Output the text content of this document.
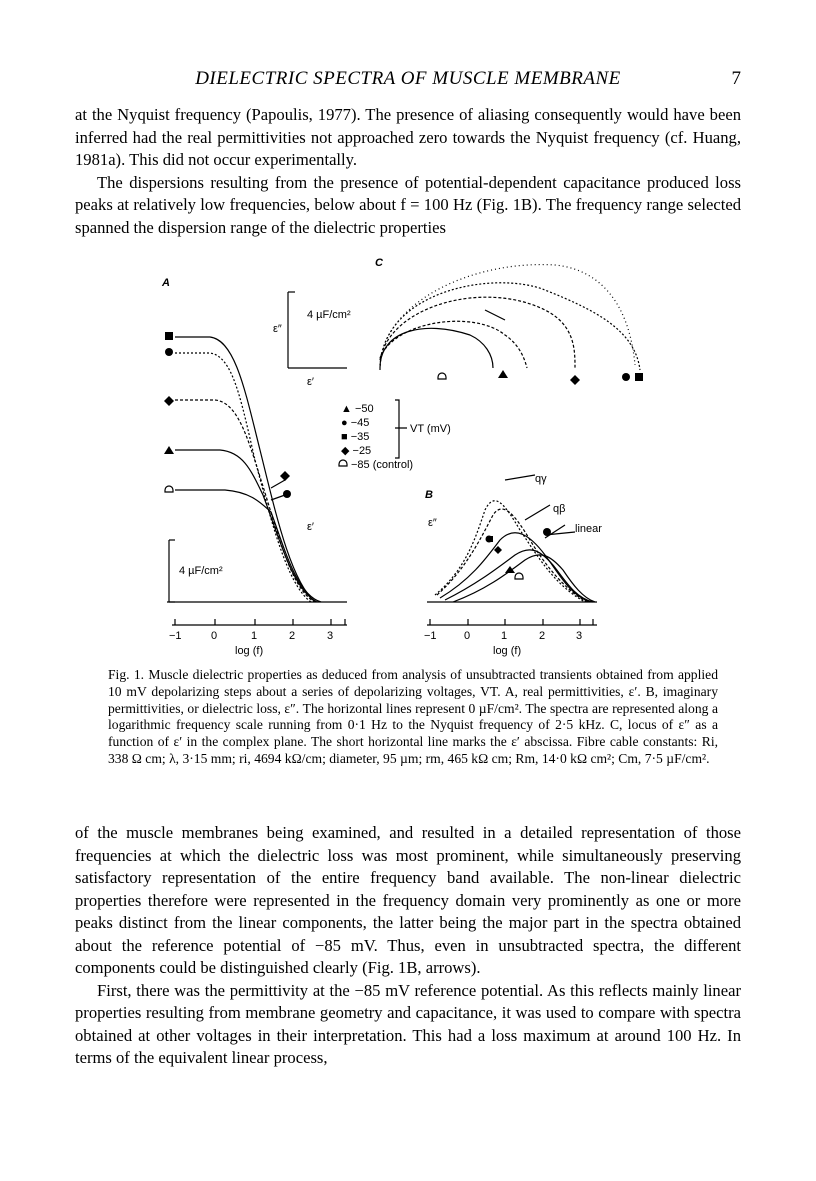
DIELECTRIC SPECTRA OF MUSCLE MEMBRANE	7

at the Nyquist frequency (Papoulis, 1977). The presence of aliasing consequently would have been inferred had the real permittivities not approached zero towards the Nyquist frequency (cf. Huang, 1981a). This did not occur experimentally.

The dispersions resulting from the presence of potential-dependent capacitance produced loss peaks at relatively low frequencies, below about f = 100 Hz (Fig. 1B). The frequency range selected spanned the dispersion range of the dielectric properties

A
C
B
4 µF/cm²
4 µF/cm²
ε′
ε′
ε″
ε″
▲ −50
● −45
■ −35
◆ −25
VT (mV)
−85 (control)
qγ
qβ
linear
−1	0	1	2	3
log (f)
−1 0	1	2	3
log (f)

Fig. 1. Muscle dielectric properties as deduced from analysis of unsubtracted transients obtained from applied 10 mV depolarizing steps about a series of depolarizing voltages, VT. A, real permittivities, ε′. B, imaginary permittivities, or dielectric loss, ε″. The horizontal lines represent 0 µF/cm². The spectra are represented along a logarithmic frequency scale running from 0·1 Hz to the Nyquist frequency of 2·5 kHz. C, locus of ε″ as a function of ε′ in the complex plane. The short horizontal line marks the ε′ abscissa. Fibre cable constants: Ri, 338 Ω cm; λ, 3·15 mm; ri, 4694 kΩ/cm; diameter, 95 µm; rm, 465 kΩ cm; Rm, 14·0 kΩ cm²; Cm, 7·5 µF/cm².

of the muscle membranes being examined, and resulted in a detailed representation of those frequencies at which the dielectric loss was most prominent, while simultaneously preserving satisfactory representation of the entire frequency band available. The non-linear dielectric properties therefore were represented in the frequency domain very prominently as one or more peaks distinct from the linear components, the latter being the major part in the spectra obtained about the reference potential of −85 mV. Thus, even in unsubtracted spectra, the different components could be distinguished clearly (Fig. 1B, arrows).

First, there was the permittivity at the −85 mV reference potential. As this reflects mainly linear properties resulting from membrane geometry and capacitance, it was used to compare with spectra obtained at other voltages in their interpretation. This had a loss maximum at around 100 Hz. In terms of the equivalent linear process,
